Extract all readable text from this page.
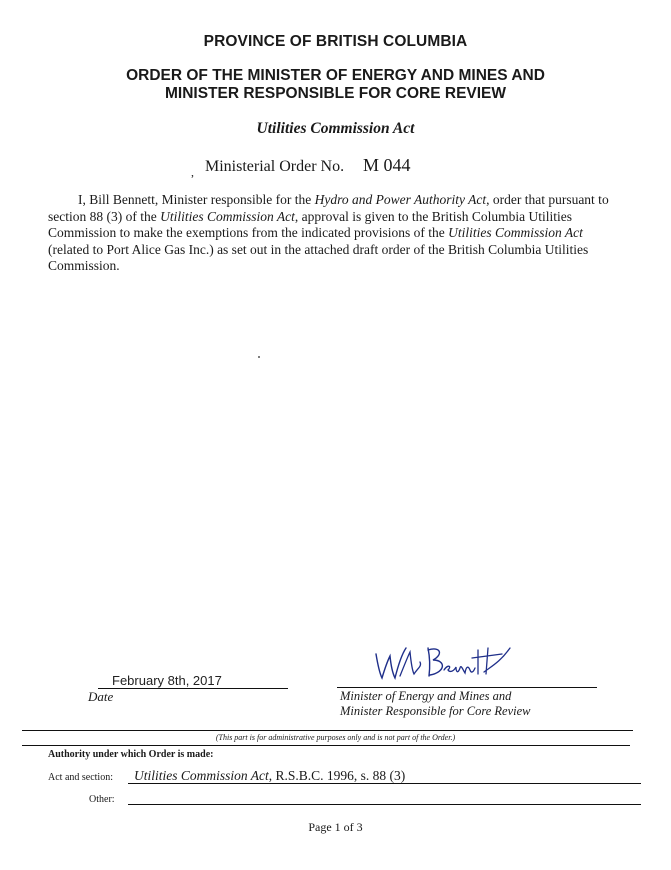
PROVINCE OF BRITISH COLUMBIA
ORDER OF THE MINISTER OF ENERGY AND MINES AND
MINISTER RESPONSIBLE FOR CORE REVIEW
Utilities Commission Act
, Ministerial Order No. M 044
I, Bill Bennett, Minister responsible for the Hydro and Power Authority Act, order that pursuant to section 88 (3) of the Utilities Commission Act, approval is given to the British Columbia Utilities Commission to make the exemptions from the indicated provisions of the Utilities Commission Act (related to Port Alice Gas Inc.) as set out in the attached draft order of the British Columbia Utilities Commission.
February 8th, 2017
Date	Minister of Energy and Mines and
Minister Responsible for Core Review
(This part is for administrative purposes only and is not part of the Order.)
Authority under which Order is made:
Act and section: Utilities Commission Act, R.S.B.C. 1996, s. 88 (3)
Other:
Page 1 of 3
